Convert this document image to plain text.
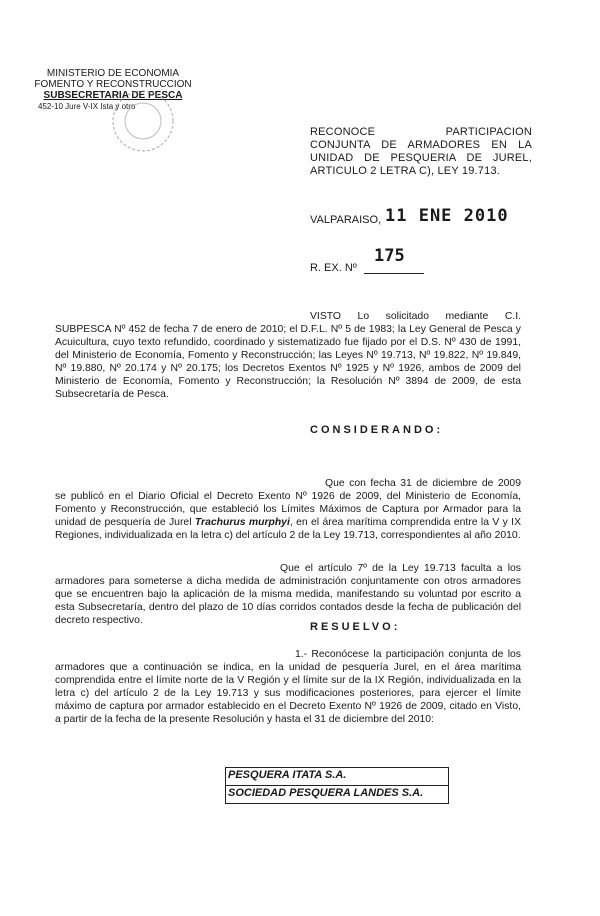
MINISTERIO DE ECONOMIA
FOMENTO Y RECONSTRUCCION
SUBSECRETARIA DE PESCA
452-10 Jure V-IX Ista y otro
RECONOCE PARTICIPACION
CONJUNTA DE ARMADORES EN LA
UNIDAD DE PESQUERIA DE JUREL,
ARTICULO 2 LETRA C), LEY 19.713.
VALPARAISO, 11 ENE 2010
R. EX. Nº
175
VISTO Lo solicitado mediante C.I. SUBPESCA Nº 452 de fecha 7 de enero de 2010; el D.F.L. Nº 5 de 1983; la Ley General de Pesca y Acuicultura, cuyo texto refundido, coordinado y sistematizado fue fijado por el D.S. Nº 430 de 1991, del Ministerio de Economía, Fomento y Reconstrucción; las Leyes Nº 19.713, Nº 19.822, Nº 19.849, Nº 19.880, Nº 20.174 y Nº 20.175; los Decretos Exentos Nº 1925 y Nº 1926, ambos de 2009 del Ministerio de Economía, Fomento y Reconstrucción; la Resolución Nº 3894 de 2009, de esta Subsecretaría de Pesca.
CONSIDERANDO:
Que con fecha 31 de diciembre de 2009 se publicó en el Diario Oficial el Decreto Exento Nº 1926 de 2009, del Ministerio de Economía, Fomento y Reconstrucción, que estableció los Límites Máximos de Captura por Armador para la unidad de pesquería de Jurel Trachurus murphyi, en el área marítima comprendida entre la V y IX Regiones, individualizada en la letra c) del artículo 2 de la Ley 19.713, correspondientes al año 2010.
Que el artículo 7º de la Ley 19.713 faculta a los armadores para someterse a dicha medida de administración conjuntamente con otros armadores que se encuentren bajo la aplicación de la misma medida, manifestando su voluntad por escrito a esta Subsecretaría, dentro del plazo de 10 días corridos contados desde la fecha de publicación del decreto respectivo.
RESUELVO:
1.- Reconócese la participación conjunta de los armadores que a continuación se indica, en la unidad de pesquería Jurel, en el área marítima comprendida entre el límite norte de la V Región y el límite sur de la IX Región, individualizada en la letra c) del artículo 2 de la Ley 19.713 y sus modificaciones posteriores, para ejercer el límite máximo de captura por armador establecido en el Decreto Exento Nº 1926 de 2009, citado en Visto, a partir de la fecha de la presente Resolución y hasta el 31 de diciembre del 2010:
PESQUERA ITATA S.A.
SOCIEDAD PESQUERA LANDES S.A.
